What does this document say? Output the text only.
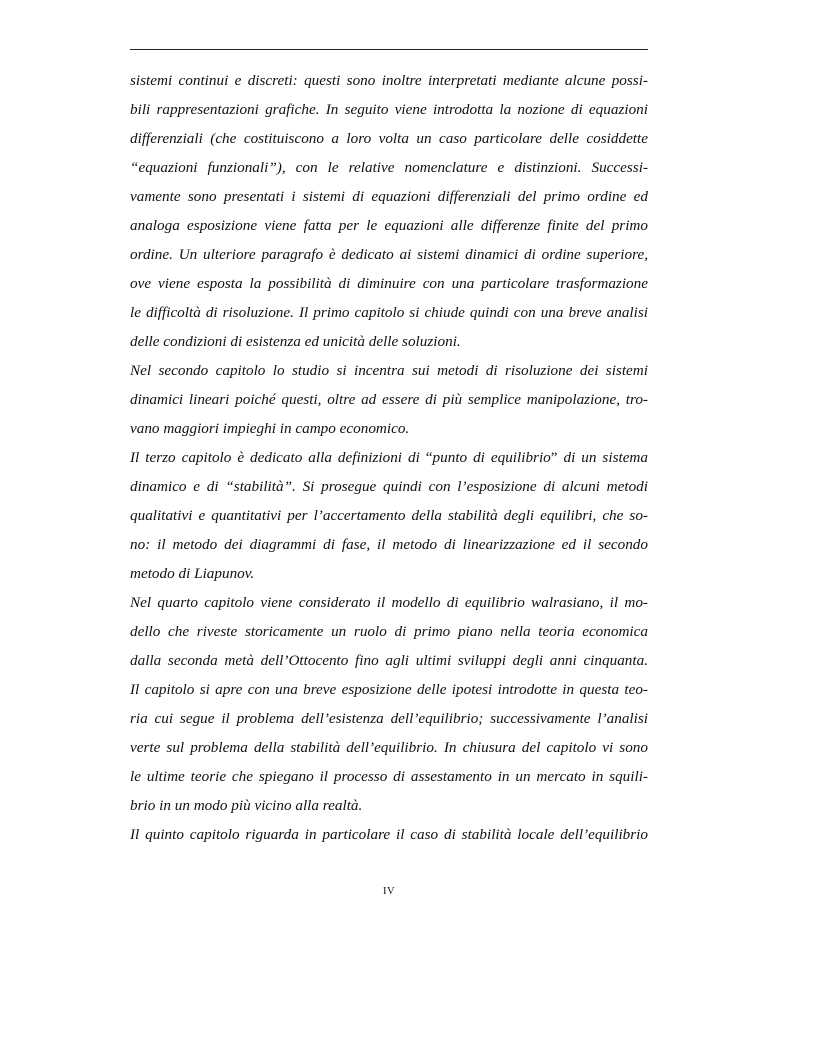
sistemi continui e discreti: questi sono inoltre interpretati mediante alcune possi-
bili rappresentazioni grafiche. In seguito viene introdotta la nozione di equazioni
differenziali (che costituiscono a loro volta un caso particolare delle cosiddette
“equazioni funzionali”), con le relative nomenclature e distinzioni. Successi-
vamente sono presentati i sistemi di equazioni differenziali del primo ordine ed
analoga esposizione viene fatta per le equazioni alle differenze finite del primo
ordine. Un ulteriore paragrafo è dedicato ai sistemi dinamici di ordine superiore,
ove viene esposta la possibilità di diminuire con una particolare trasformazione
le difficoltà di risoluzione. Il primo capitolo si chiude quindi con una breve analisi
delle condizioni di esistenza ed unicità delle soluzioni.
Nel secondo capitolo lo studio si incentra sui metodi di risoluzione dei sistemi
dinamici lineari poiché questi, oltre ad essere di più semplice manipolazione, tro-
vano maggiori impieghi in campo economico.
Il terzo capitolo è dedicato alla definizioni di “punto di equilibrio” di un sistema
dinamico e di “stabilità”. Si prosegue quindi con l’esposizione di alcuni metodi
qualitativi e quantitativi per l’accertamento della stabilità degli equilibri, che so-
no: il metodo dei diagrammi di fase, il metodo di linearizzazione ed il secondo
metodo di Liapunov.
Nel quarto capitolo viene considerato il modello di equilibrio walrasiano, il mo-
dello che riveste storicamente un ruolo di primo piano nella teoria economica
dalla seconda metà dell’Ottocento fino agli ultimi sviluppi degli anni cinquanta.
Il capitolo si apre con una breve esposizione delle ipotesi introdotte in questa teo-
ria cui segue il problema dell’esistenza dell’equilibrio; successivamente l’analisi
verte sul problema della stabilità dell’equilibrio. In chiusura del capitolo vi sono
le ultime teorie che spiegano il processo di assestamento in un mercato in squili-
brio in un modo più vicino alla realtà.
Il quinto capitolo riguarda in particolare il caso di stabilità locale dell’equilibrio
IV
